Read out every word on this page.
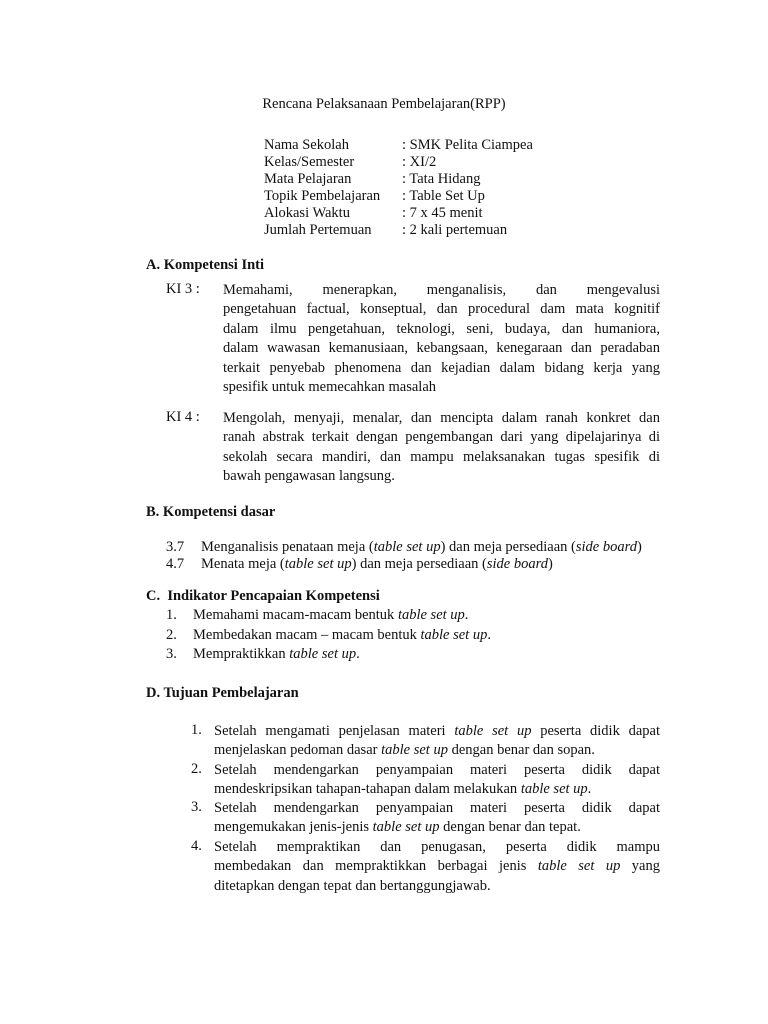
Rencana Pelaksanaan Pembelajaran(RPP)
Nama Sekolah	: SMK Pelita Ciampea
Kelas/Semester	: XI/2
Mata Pelajaran	: Tata Hidang
Topik Pembelajaran : Table Set Up
Alokasi Waktu	: 7 x 45 menit
Jumlah Pertemuan : 2 kali pertemuan
A. Kompetensi Inti
KI 3 : Memahami, menerapkan, menganalisis, dan mengevalusi
pengetahuan factual, konseptual, dan procedural dam mata kognitif
dalam ilmu pengetahuan, teknologi, seni, budaya, dan humaniora,
dalam wawasan kemanusiaan, kebangsaan, kenegaraan dan peradaban
terkait penyebab phenomena dan kejadian dalam bidang kerja yang
spesifik untuk memecahkan masalah
KI 4 : Mengolah, menyaji, menalar, dan mencipta dalam ranah konkret dan
ranah abstrak terkait dengan pengembangan dari yang dipelajarinya di
sekolah secara mandiri, dan mampu melaksanakan tugas spesifik di
bawah pengawasan langsung.
B. Kompetensi dasar
3.7 Menganalisis penataan meja (table set up) dan meja persediaan (side board)
4.7 Menata meja (table set up) dan meja persediaan (side board)
C.  Indikator Pencapaian Kompetensi
1. Memahami macam-macam bentuk table set up.
2. Membedakan macam – macam bentuk table set up.
3. Mempraktikkan table set up.
D. Tujuan Pembelajaran
1. Setelah mengamati penjelasan materi table set up peserta didik dapat
menjelaskan pedoman dasar table set up dengan benar dan sopan.
2. Setelah mendengarkan penyampaian materi peserta didik dapat
mendeskripsikan tahapan-tahapan dalam melakukan table set up.
3. Setelah mendengarkan penyampaian materi peserta didik dapat
mengemukakan jenis-jenis table set up dengan benar dan tepat.
4. Setelah mempraktikan dan penugasan, peserta didik mampu
membedakan dan mempraktikkan berbagai jenis table set up yang
ditetapkan dengan tepat dan bertanggungjawab.
